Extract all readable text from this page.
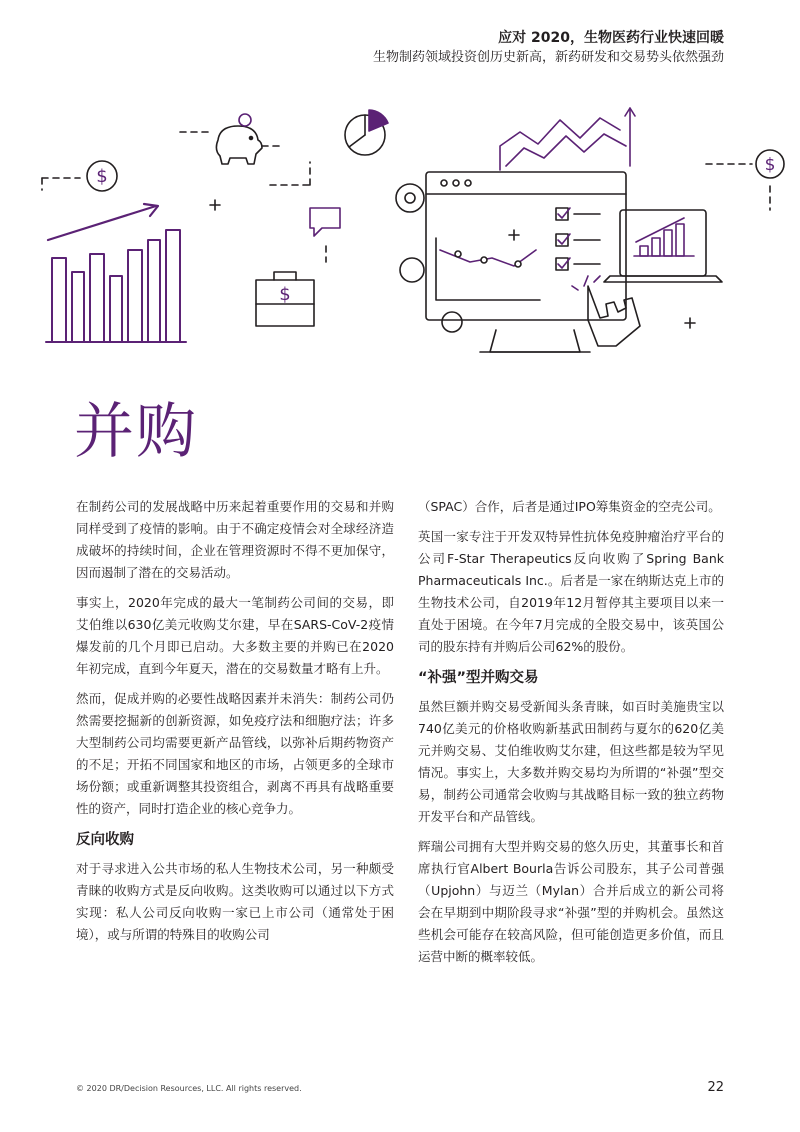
应对 2020，生物医药行业快速回暖
生物制药领域投资创历史新高，新药研发和交易势头依然强劲
$
$
$
并购

在制药公司的发展战略中历来起着重要作用的交易和并购同样受到了疫情的影响。由于不确定疫情会对全球经济造成破坏的持续时间，企业在管理资源时不得不更加保守，因而遏制了潜在的交易活动。

事实上，2020年完成的最大一笔制药公司间的交易，即艾伯维以630亿美元收购艾尔建，早在SARS-CoV-2疫情爆发前的几个月即已启动。大多数主要的并购已在2020年初完成，直到今年夏天，潜在的交易数量才略有上升。

然而，促成并购的必要性战略因素并未消失：制药公司仍然需要挖掘新的创新资源，如免疫疗法和细胞疗法；许多大型制药公司均需要更新产品管线，以弥补后期药物资产的不足；开拓不同国家和地区的市场，占领更多的全球市场份额；或重新调整其投资组合，剥离不再具有战略重要性的资产，同时打造企业的核心竞争力。

反向收购

对于寻求进入公共市场的私人生物技术公司，另一种颇受青睐的收购方式是反向收购。这类收购可以通过以下方式实现：私人公司反向收购一家已上市公司（通常处于困境），或与所谓的特殊目的收购公司

（SPAC）合作，后者是通过IPO筹集资金的空壳公司。

英国一家专注于开发双特异性抗体免疫肿瘤治疗平台的公司F-Star Therapeutics反向收购了Spring Bank Pharmaceuticals Inc.。后者是一家在纳斯达克上市的生物技术公司，自2019年12月暂停其主要项目以来一直处于困境。在今年7月完成的全股交易中，该英国公司的股东持有并购后公司62%的股份。

“补强”型并购交易

虽然巨额并购交易受新闻头条青睐，如百时美施贵宝以740亿美元的价格收购新基武田制药与夏尔的620亿美元并购交易、艾伯维收购艾尔建，但这些都是较为罕见情况。事实上，大多数并购交易均为所谓的“补强”型交易，制药公司通常会收购与其战略目标一致的独立药物开发平台和产品管线。

辉瑞公司拥有大型并购交易的悠久历史，其董事长和首席执行官Albert Bourla告诉公司股东，其子公司普强（Upjohn）与迈兰（Mylan）合并后成立的新公司将会在早期到中期阶段寻求“补强”型的并购机会。虽然这些机会可能存在较高风险，但可能创造更多价值，而且运营中断的概率较低。

© 2020 DR/Decision Resources, LLC. All rights reserved.	22
